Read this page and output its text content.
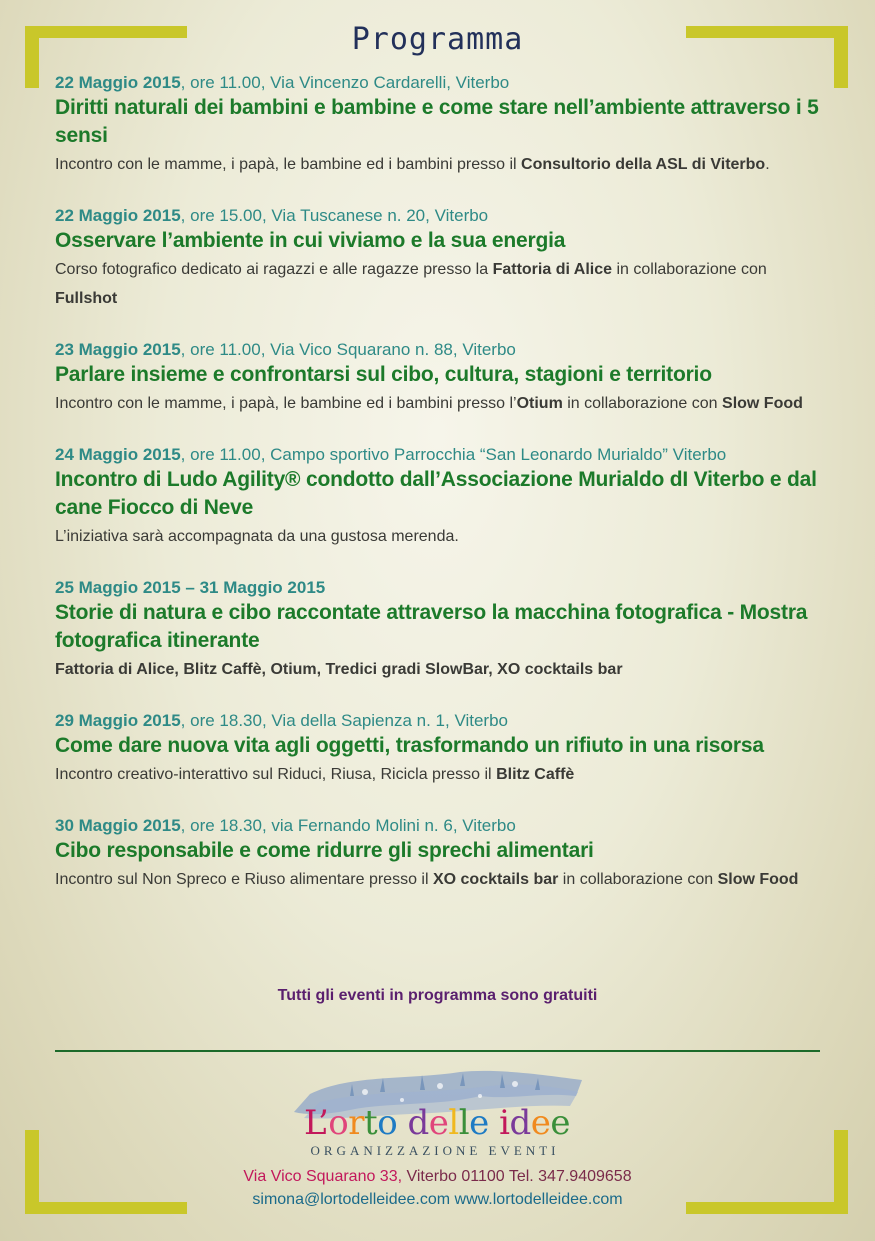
Programma

22 Maggio 2015, ore 11.00, Via Vincenzo Cardarelli, Viterbo

Diritti naturali dei bambini e bambine e come stare nell’ambiente attraverso i 5 sensi

Incontro con le mamme, i papà, le bambine ed i bambini presso il Consultorio della ASL di Viterbo.

22 Maggio 2015, ore 15.00, Via Tuscanese n. 20, Viterbo

Osservare l’ambiente in cui viviamo e la sua energia

Corso fotografico dedicato ai ragazzi e alle ragazze presso la Fattoria di Alice in collaborazione con Fullshot

23 Maggio 2015, ore 11.00, Via Vico Squarano n. 88, Viterbo

Parlare insieme e confrontarsi sul cibo, cultura, stagioni e territorio

Incontro con le mamme, i papà, le bambine ed i bambini presso l’Otium in collaborazione con Slow Food

24 Maggio 2015, ore 11.00, Campo sportivo Parrocchia “San Leonardo Murialdo” Viterbo

Incontro di Ludo Agility® condotto dall’Associazione Murialdo dI Viterbo e dal cane Fiocco di Neve

L’iniziativa sarà accompagnata da una gustosa merenda.

25 Maggio 2015 – 31 Maggio 2015

Storie di natura e cibo raccontate attraverso la macchina fotografica - Mostra fotografica itinerante

Fattoria di Alice, Blitz Caffè, Otium, Tredici gradi SlowBar, XO cocktails bar

29 Maggio 2015, ore 18.30, Via della Sapienza n. 1, Viterbo

Come dare nuova vita agli oggetti, trasformando un rifiuto in una risorsa

Incontro creativo-interattivo sul Riduci, Riusa, Ricicla presso il Blitz Caffè

30 Maggio 2015, ore 18.30, via Fernando Molini n. 6, Viterbo

Cibo responsabile e come ridurre gli sprechi alimentari

Incontro sul Non Spreco e Riuso alimentare presso il XO cocktails bar in collaborazione con Slow Food

Tutti gli eventi in programma sono gratuiti

L’orto delle idee

ORGANIZZAZIONE EVENTI

Via Vico Squarano 33, Viterbo 01100 Tel. 347.9409658

simona@lortodelleidee.com www.lortodelleidee.com
